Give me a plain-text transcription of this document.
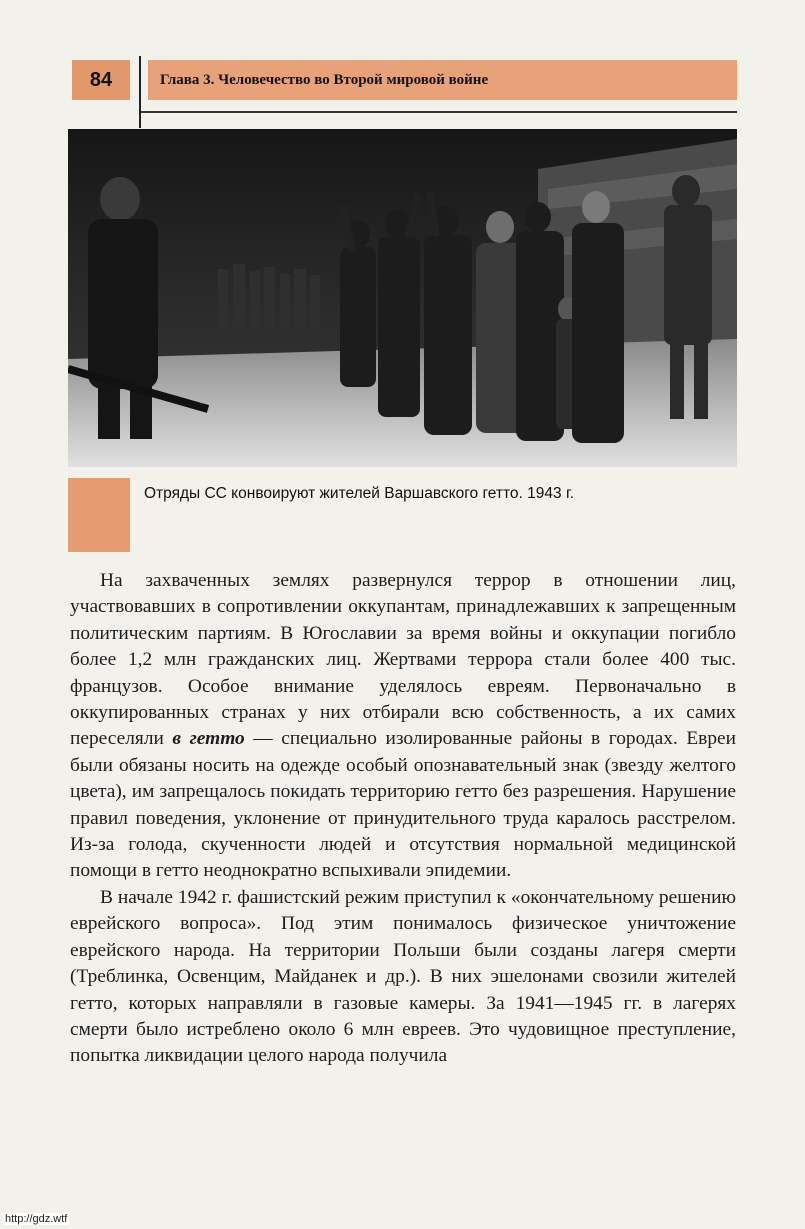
84	Глава 3. Человечество во Второй мировой войне
Отряды СС конвоируют жителей Варшавского гетто. 1943 г.

На захваченных землях развернулся террор в отношении лиц, участвовавших в сопротивлении оккупантам, принадлежавших к запрещенным политическим партиям. В Югославии за время войны и оккупации погибло более 1,2 млн гражданских лиц. Жертвами террора стали более 400 тыс. французов. Особое внимание уделялось евреям. Первоначально в оккупированных странах у них отбирали всю собственность, а их самих переселяли в гетто — специально изолированные районы в городах. Евреи были обязаны носить на одежде особый опознавательный знак (звезду желтого цвета), им запрещалось покидать территорию гетто без разрешения. Нарушение правил поведения, уклонение от принудительного труда каралось расстрелом. Из-за голода, скученности людей и отсутствия нормальной медицинской помощи в гетто неоднократно вспыхивали эпидемии.

В начале 1942 г. фашистский режим приступил к «окончательному решению еврейского вопроса». Под этим понималось физическое уничтожение еврейского народа. На территории Польши были созданы лагеря смерти (Треблинка, Освенцим, Майданек и др.). В них эшелонами свозили жителей гетто, которых направляли в газовые камеры. За 1941—1945 гг. в лагерях смерти было истреблено около 6 млн евреев. Это чудовищное преступление, попытка ликвидации целого народа получила

http://gdz.wtf
